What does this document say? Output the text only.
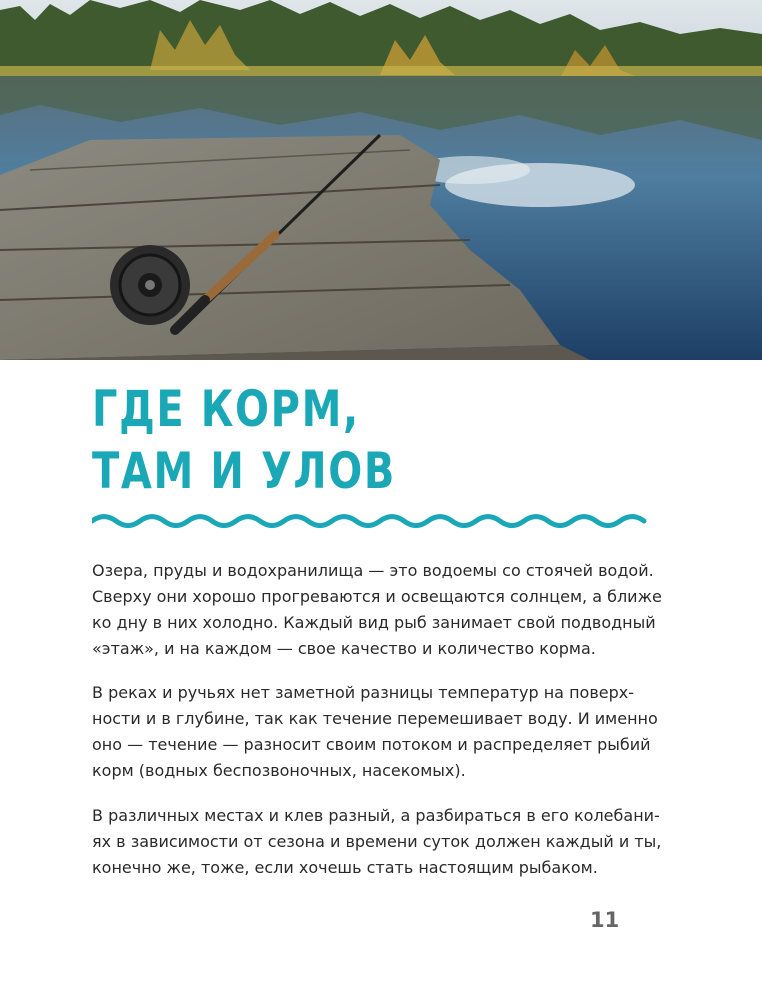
ГДЕ КОРМ,
ТАМ И УЛОВ

Озера, пруды и водохранилища — это водоемы со стоячей водой.
Сверху они хорошо прогреваются и освещаются солнцем, а ближе
ко дну в них холодно. Каждый вид рыб занимает свой подводный
«этаж», и на каждом — свое качество и количество корма.

В реках и ручьях нет заметной разницы температур на поверх-
ности и в глубине, так как течение перемешивает воду. И именно
оно — течение — разносит своим потоком и распределяет рыбий
корм (водных беспозвоночных, насекомых).

В различных местах и клев разный, а разбираться в его колебани-
ях в зависимости от сезона и времени суток должен каждый и ты,
конечно же, тоже, если хочешь стать настоящим рыбаком.

11
